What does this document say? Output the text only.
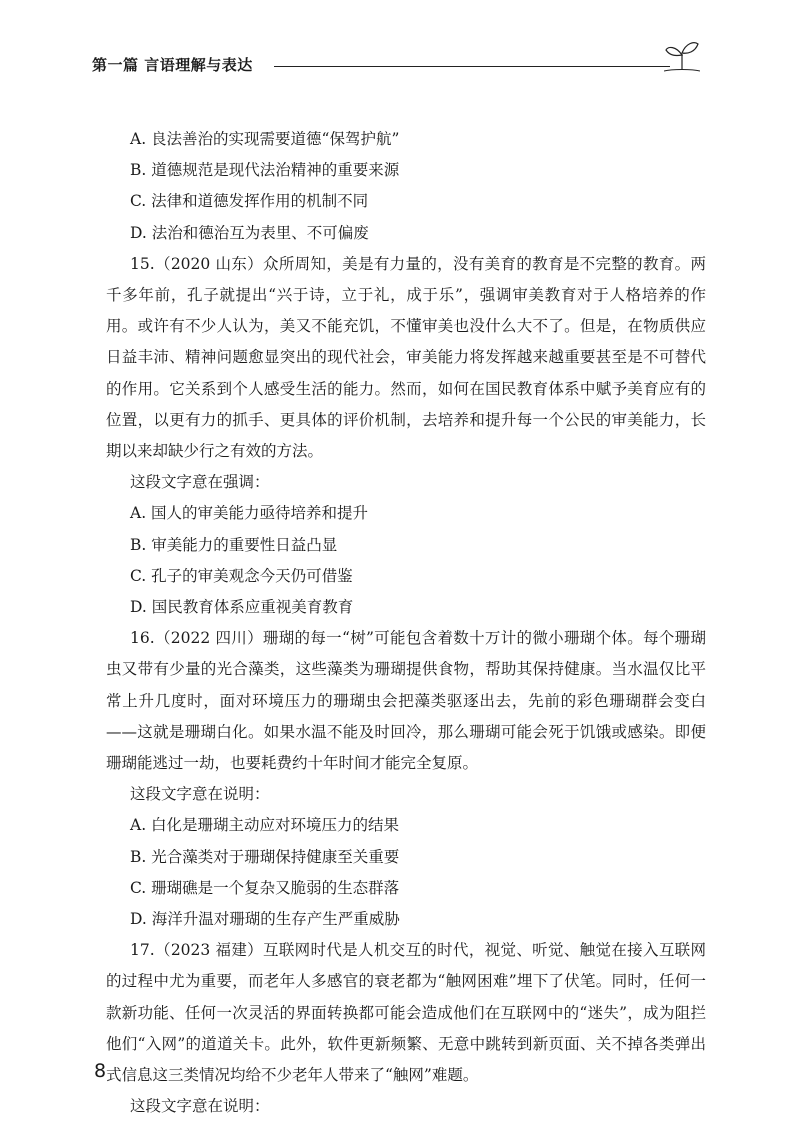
第一篇 言语理解与表达

A. 良法善治的实现需要道德“保驾护航”

B. 道德规范是现代法治精神的重要来源

C. 法律和道德发挥作用的机制不同

D. 法治和德治互为表里、不可偏废

15.（2020 山东）众所周知，美是有力量的，没有美育的教育是不完整的教育。两千多年前，孔子就提出“兴于诗，立于礼，成于乐”，强调审美教育对于人格培养的作用。或许有不少人认为，美又不能充饥，不懂审美也没什么大不了。但是，在物质供应日益丰沛、精神问题愈显突出的现代社会，审美能力将发挥越来越重要甚至是不可替代的作用。它关系到个人感受生活的能力。然而，如何在国民教育体系中赋予美育应有的位置，以更有力的抓手、更具体的评价机制，去培养和提升每一个公民的审美能力，长期以来却缺少行之有效的方法。

这段文字意在强调：

A. 国人的审美能力亟待培养和提升

B. 审美能力的重要性日益凸显

C. 孔子的审美观念今天仍可借鉴

D. 国民教育体系应重视美育教育

16.（2022 四川）珊瑚的每一“树”可能包含着数十万计的微小珊瑚个体。每个珊瑚虫又带有少量的光合藻类，这些藻类为珊瑚提供食物，帮助其保持健康。当水温仅比平常上升几度时，面对环境压力的珊瑚虫会把藻类驱逐出去，先前的彩色珊瑚群会变白——这就是珊瑚白化。如果水温不能及时回冷，那么珊瑚可能会死于饥饿或感染。即便珊瑚能逃过一劫，也要耗费约十年时间才能完全复原。

这段文字意在说明：

A. 白化是珊瑚主动应对环境压力的结果

B. 光合藻类对于珊瑚保持健康至关重要

C. 珊瑚礁是一个复杂又脆弱的生态群落

D. 海洋升温对珊瑚的生存产生严重威胁

17.（2023 福建）互联网时代是人机交互的时代，视觉、听觉、触觉在接入互联网的过程中尤为重要，而老年人多感官的衰老都为“触网困难”埋下了伏笔。同时，任何一款新功能、任何一次灵活的界面转换都可能会造成他们在互联网中的“迷失”，成为阻拦他们“入网”的道道关卡。此外，软件更新频繁、无意中跳转到新页面、关不掉各类弹出式信息这三类情况均给不少老年人带来了“触网”难题。

这段文字意在说明：

8
